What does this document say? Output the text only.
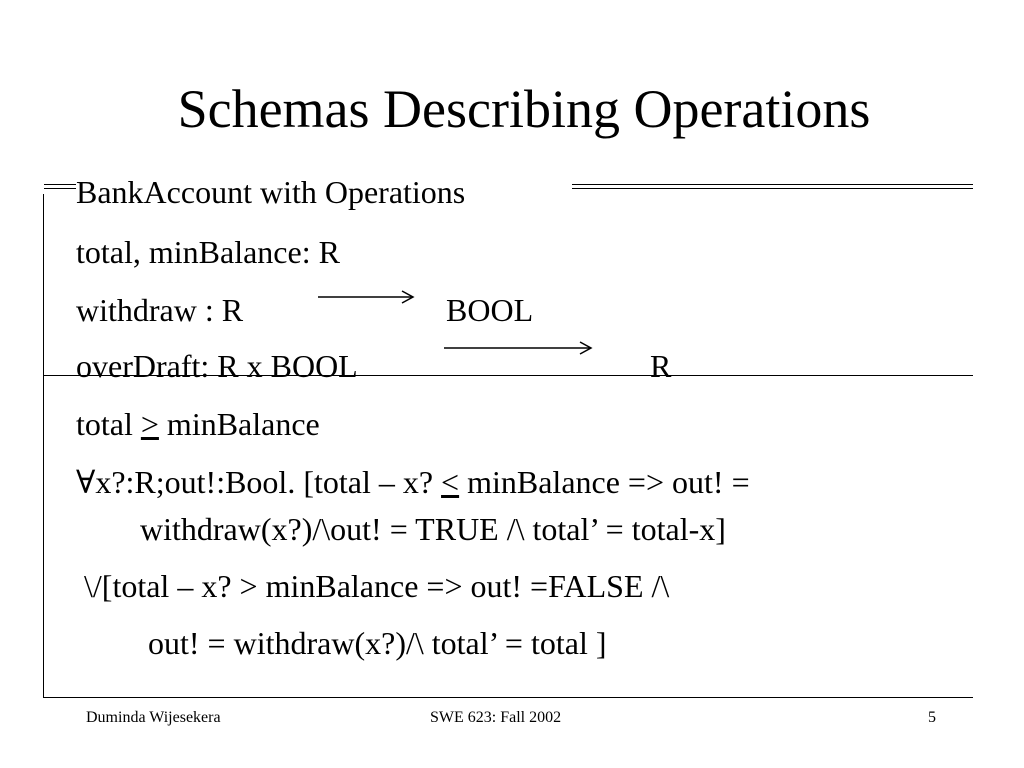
Schemas Describing Operations
BankAccount with Operations
total, minBalance: R
withdraw : R	BOOL
overDraft: R x BOOL	R
total > minBalance
∀x?:R;out!:Bool. [total – x? < minBalance => out! =
withdraw(x?)/\out! = TRUE /\ total’ = total-x]
\/[total – x? > minBalance => out! =FALSE /\
out! = withdraw(x?)/\ total’ = total ]
Duminda Wijesekera	SWE 623: Fall 2002	5
